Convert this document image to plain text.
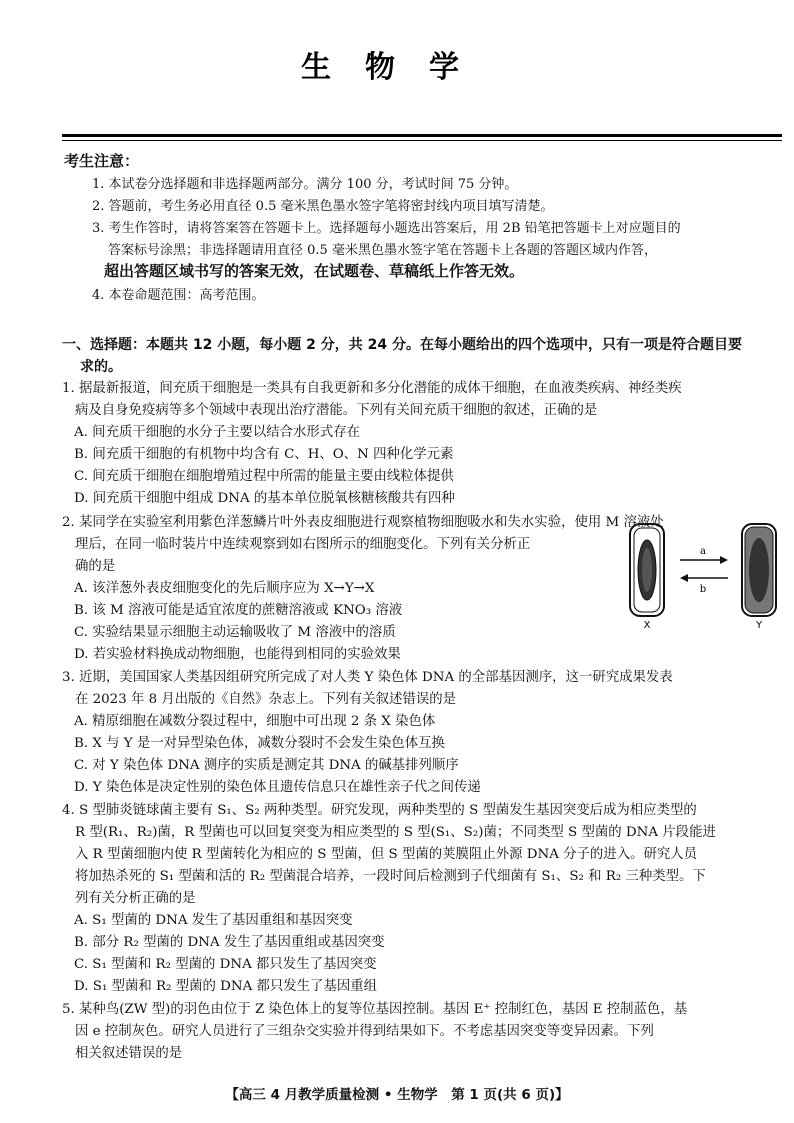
生物学
考生注意：
1. 本试卷分选择题和非选择题两部分。满分 100 分，考试时间 75 分钟。
2. 答题前，考生务必用直径 0.5 毫米黑色墨水签字笔将密封线内项目填写清楚。
3. 考生作答时，请将答案答在答题卡上。选择题每小题选出答案后，用 2B 铅笔把答题卡上对应题目的
答案标号涂黑；非选择题请用直径 0.5 毫米黑色墨水签字笔在答题卡上各题的答题区域内作答，
超出答题区域书写的答案无效，在试题卷、草稿纸上作答无效。
4. 本卷命题范围：高考范围。
一、选择题：本题共 12 小题，每小题 2 分，共 24 分。在每小题给出的四个选项中，只有一项是符合题目要
求的。
1. 据最新报道，间充质干细胞是一类具有自我更新和多分化潜能的成体干细胞，在血液类疾病、神经类疾
病及自身免疫病等多个领域中表现出治疗潜能。下列有关间充质干细胞的叙述，正确的是
A. 间充质干细胞的水分子主要以结合水形式存在
B. 间充质干细胞的有机物中均含有 C、H、O、N 四种化学元素
C. 间充质干细胞在细胞增殖过程中所需的能量主要由线粒体提供
D. 间充质干细胞中组成 DNA 的基本单位脱氧核糖核酸共有四种
2. 某同学在实验室利用紫色洋葱鳞片叶外表皮细胞进行观察植物细胞吸水和失水实验，使用 M 溶液处
理后，在同一临时装片中连续观察到如右图所示的细胞变化。下列有关分析正
确的是
A. 该洋葱外表皮细胞变化的先后顺序应为 X→Y→X
B. 该 M 溶液可能是适宜浓度的蔗糖溶液或 KNO₃ 溶液
C. 实验结果显示细胞主动运输吸收了 M 溶液中的溶质
D. 若实验材料换成动物细胞，也能得到相同的实验效果
a
b
X	Y
3. 近期，美国国家人类基因组研究所完成了对人类 Y 染色体 DNA 的全部基因测序，这一研究成果发表
在 2023 年 8 月出版的《自然》杂志上。下列有关叙述错误的是
A. 精原细胞在减数分裂过程中，细胞中可出现 2 条 X 染色体
B. X 与 Y 是一对异型染色体，减数分裂时不会发生染色体互换
C. 对 Y 染色体 DNA 测序的实质是测定其 DNA 的碱基排列顺序
D. Y 染色体是决定性别的染色体且遗传信息只在雄性亲子代之间传递
4. S 型肺炎链球菌主要有 S₁、S₂ 两种类型。研究发现，两种类型的 S 型菌发生基因突变后成为相应类型的
R 型(R₁、R₂)菌，R 型菌也可以回复突变为相应类型的 S 型(S₁、S₂)菌；不同类型 S 型菌的 DNA 片段能进
入 R 型菌细胞内使 R 型菌转化为相应的 S 型菌，但 S 型菌的荚膜阻止外源 DNA 分子的进入。研究人员
将加热杀死的 S₁ 型菌和活的 R₂ 型菌混合培养，一段时间后检测到子代细菌有 S₁、S₂ 和 R₂ 三种类型。下
列有关分析正确的是
A. S₁ 型菌的 DNA 发生了基因重组和基因突变
B. 部分 R₂ 型菌的 DNA 发生了基因重组或基因突变
C. S₁ 型菌和 R₂ 型菌的 DNA 都只发生了基因突变
D. S₁ 型菌和 R₂ 型菌的 DNA 都只发生了基因重组
5. 某种鸟(ZW 型)的羽色由位于 Z 染色体上的复等位基因控制。基因 E⁺ 控制红色，基因 E 控制蓝色，基
因 e 控制灰色。研究人员进行了三组杂交实验并得到结果如下。不考虑基因突变等变异因素。下列
相关叙述错误的是
【高三 4 月教学质量检测 • 生物学　第 1 页(共 6 页)】
